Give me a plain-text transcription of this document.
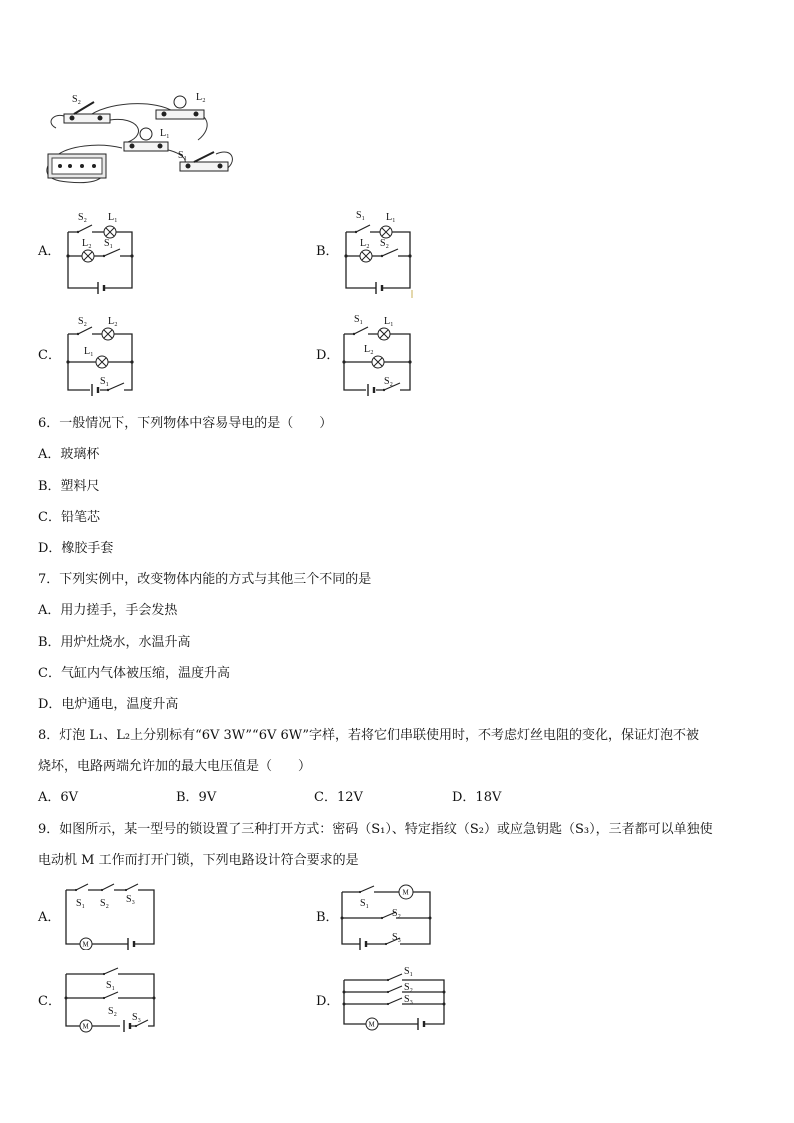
S₂	L₂
L₁
S₁
A．
S₂ L₁
L₂ S₁
B．
S₁ L₁
L₂ S₂
C．
S₂ L₂
L₁
S₁
D．
S₁ L₁
L₂
S₂
6．一般情况下，下列物体中容易导电的是（　　）
A．玻璃杯
B．塑料尺
C．铅笔芯
D．橡胶手套
7．下列实例中，改变物体内能的方式与其他三个不同的是
A．用力搓手，手会发热
B．用炉灶烧水，水温升高
C．气缸内气体被压缩，温度升高
D．电炉通电，温度升高
8．灯泡 L₁、L₂上分别标有“6V 3W”“6V 6W”字样，若将它们串联使用时，不考虑灯丝电阻的变化，保证灯泡不被
烧坏，电路两端允许加的最大电压值是（　　）
A．6V	B．9V	C．12V	D．18V
9．如图所示，某一型号的锁设置了三种打开方式：密码（S₁）、特定指纹（S₂）或应急钥匙（S₃），三者都可以单独使
电动机 M 工作而打开门锁，下列电路设计符合要求的是
A．
M
S₁ S₂ S₃
B．
M
S₁
S₂
S₃
C．
M
S₁
S₂
S₃
D．
M
S₁
S₂
S₃
